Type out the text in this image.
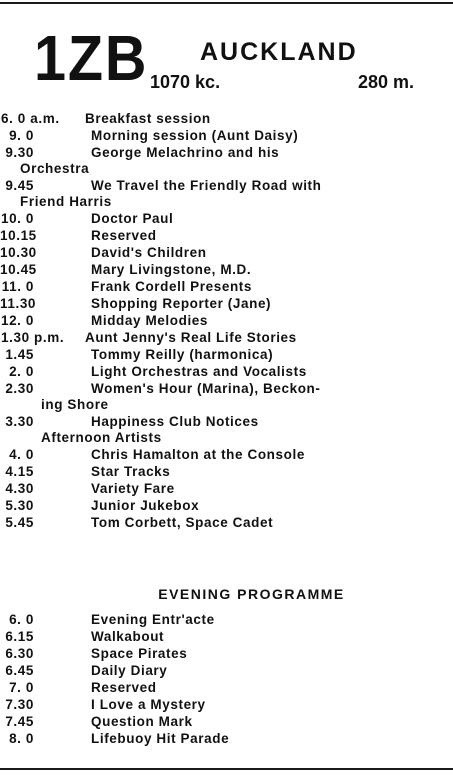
1ZB AUCKLAND
1070 kc.	280 m.
6. 0 a.m. Breakfast session
9. 0	Morning session (Aunt Daisy)
9.30	George Melachrino and his
Orchestra
9.45	We Travel the Friendly Road with
Friend Harris
10. 0	Doctor Paul
10.15	Reserved
10.30	David's Children
10.45	Mary Livingstone, M.D.
11. 0	Frank Cordell Presents
11.30	Shopping Reporter (Jane)
12. 0	Midday Melodies
1.30 p.m. Aunt Jenny's Real Life Stories
1.45	Tommy Reilly (harmonica)
2. 0	Light Orchestras and Vocalists
2.30	Women's Hour (Marina), Beckon-
ing Shore
3.30	Happiness Club Notices
Afternoon Artists
4. 0	Chris Hamalton at the Console
4.15	Star Tracks
4.30	Variety Fare
5.30	Junior Jukebox
5.45	Tom Corbett, Space Cadet
EVENING PROGRAMME
6. 0	Evening Entr'acte
6.15	Walkabout
6.30	Space Pirates
6.45	Daily Diary
7. 0	Reserved
7.30	I Love a Mystery
7.45	Question Mark
8. 0	Lifebuoy Hit Parade
